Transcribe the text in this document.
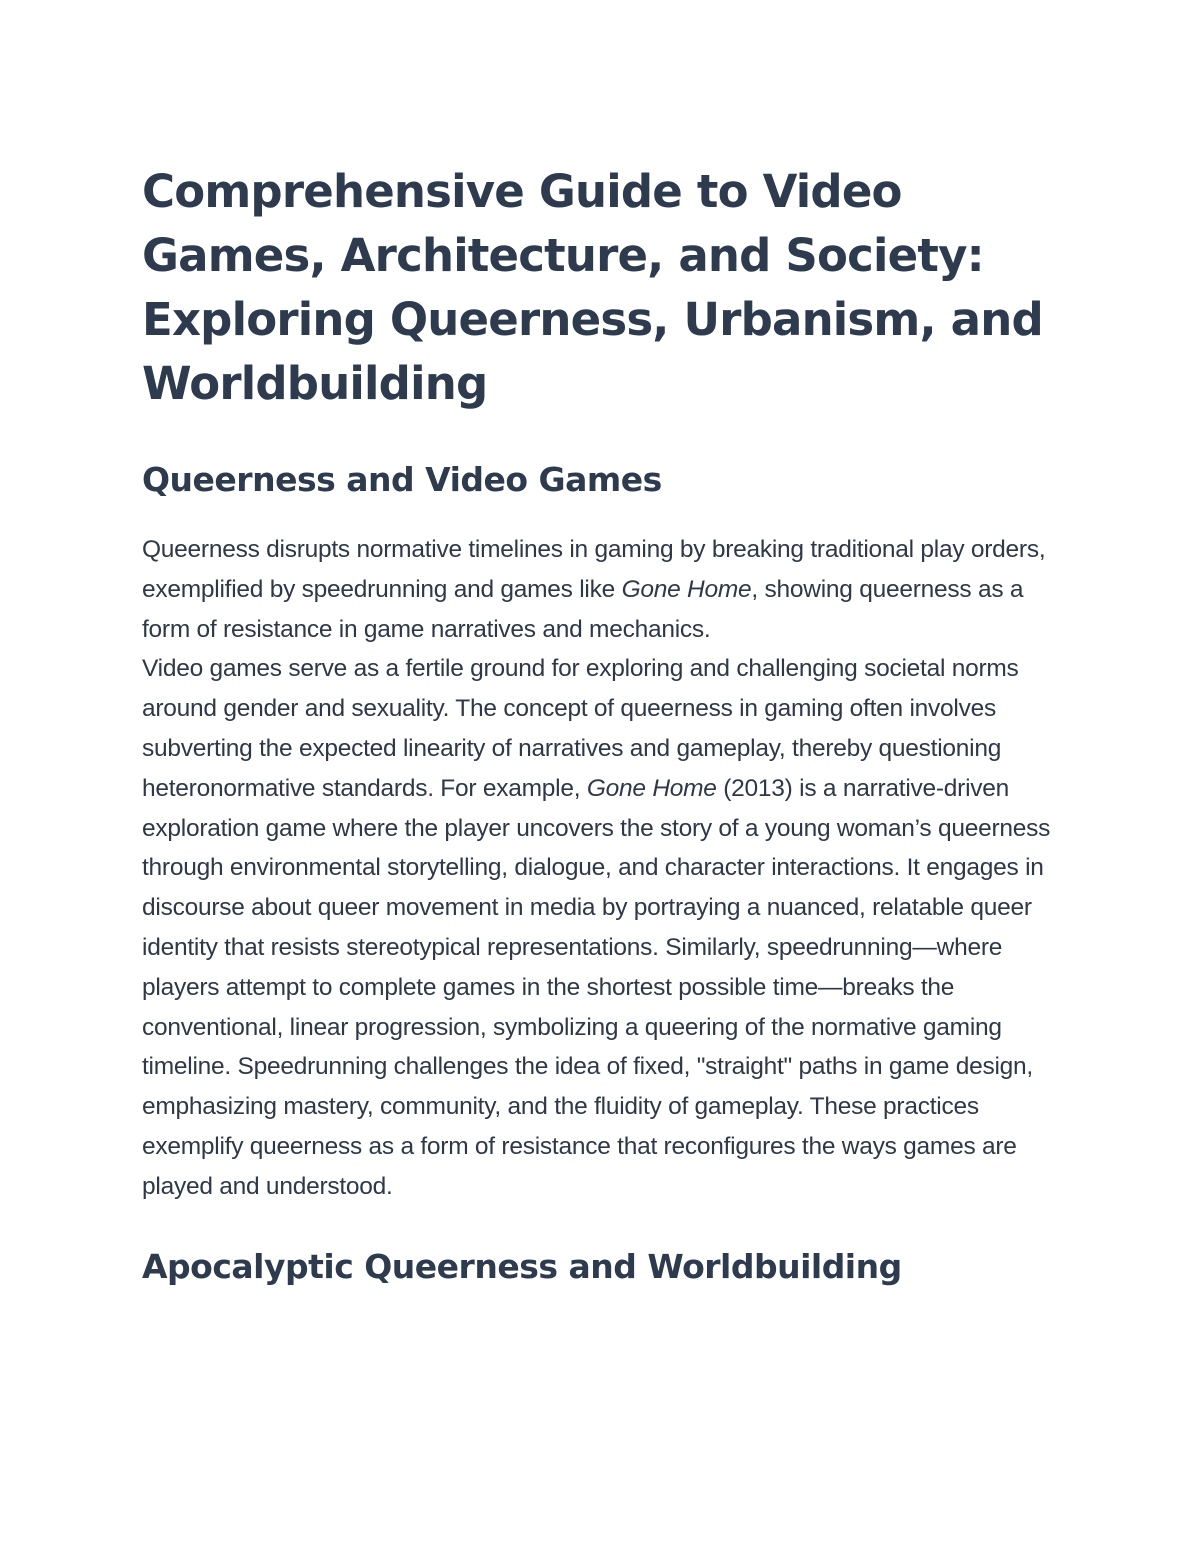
Comprehensive Guide to Video Games, Architecture, and Society: Exploring Queerness, Urbanism, and Worldbuilding
Queerness and Video Games

Queerness disrupts normative timelines in gaming by breaking traditional play orders, exemplified by speedrunning and games like Gone Home, showing queerness as a form of resistance in game narratives and mechanics.

Video games serve as a fertile ground for exploring and challenging societal norms around gender and sexuality. The concept of queerness in gaming often involves subverting the expected linearity of narratives and gameplay, thereby questioning heteronormative standards. For example, Gone Home (2013) is a narrative-driven exploration game where the player uncovers the story of a young woman’s queerness through environmental storytelling, dialogue, and character interactions. It engages in discourse about queer movement in media by portraying a nuanced, relatable queer identity that resists stereotypical representations. Similarly, speedrunning—where players attempt to complete games in the shortest possible time—breaks the conventional, linear progression, symbolizing a queering of the normative gaming timeline. Speedrunning challenges the idea of fixed, "straight" paths in game design, emphasizing mastery, community, and the fluidity of gameplay. These practices exemplify queerness as a form of resistance that reconfigures the ways games are played and understood.

Apocalyptic Queerness and Worldbuilding
